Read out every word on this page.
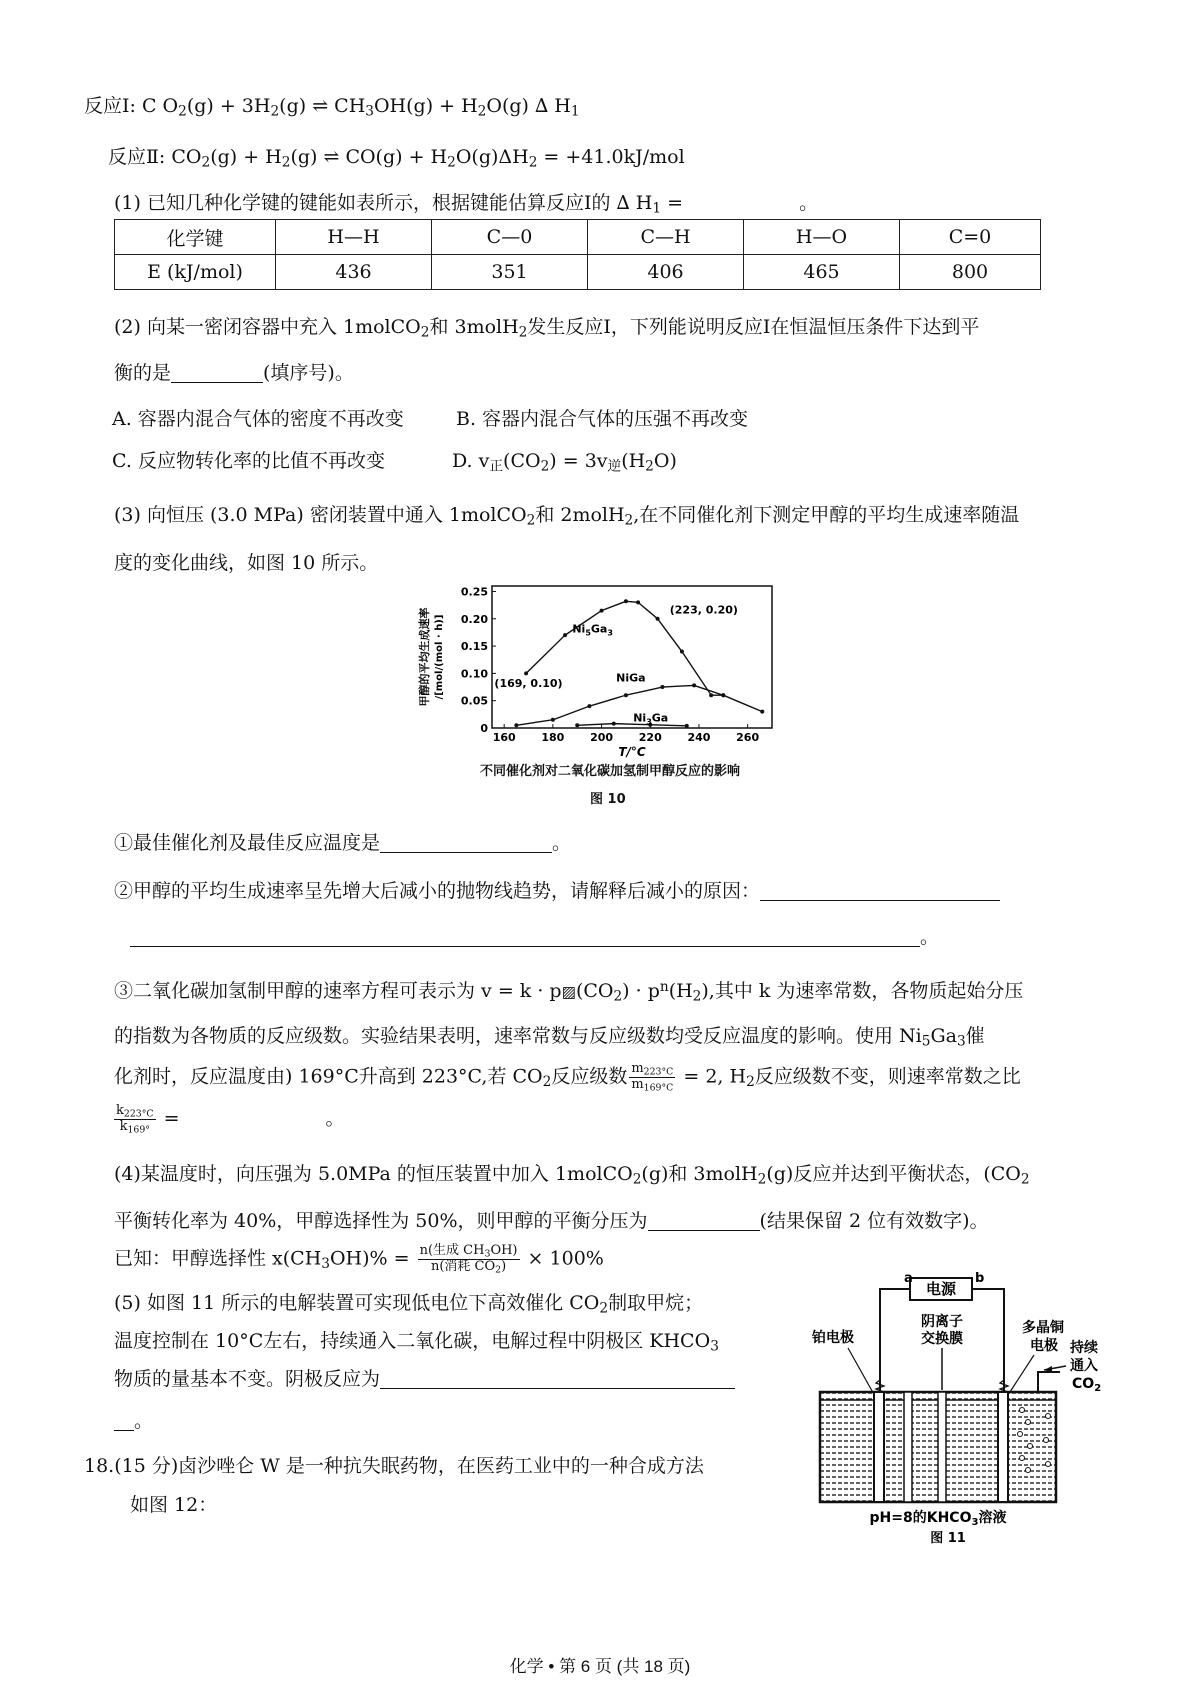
反应Ⅰ: C $O_2(g) + 3H_2(g)$ ⇌ $CH_3OH(g) + H_2O(g)$ ∆ $H_1$
反应Ⅱ: $CO_2(g) + H_2(g)$ ⇌ $CO(g) + H_2O(g)\Delta H_2 = +41.0kJ/mol$
(1) 已知几种化学键的键能如表所示，根据键能估算反应Ⅰ的 ∆ $H_1$ =	。
化学键	H—H	C—0	C—H	H—O	C=0
E (kJ/mol)	436	351	406	465	800
(2) 向某一密闭容器中充入 1molCO$_2$和 3molH$_2$发生反应Ⅰ，下列能说明反应Ⅰ在恒温恒压条件下达到平
衡的是	(填序号)。
A. 容器内混合气体的密度不再改变	B. 容器内混合气体的压强不再改变
C. 反应物转化率的比值不再改变	D. $v_正(CO_2) = 3v_逆(H_2O)$
(3) 向恒压 (3.0 MPa) 密闭装置中通入 1molCO$_2$和 2molH$_2$,在不同催化剂下测定甲醇的平均生成速率随温
度的变化曲线，如图 10 所示。
160 180 200 220 240 260
0
0.05
0.10
0.15
0.20
0.25
T/°C
甲醇的平均生成速率 /[mol/(mol · h)]	$Ni_5Ga_3$
NiGa
$Ni_3Ga$
(223, 0.20)
(169, 0.10)
不同催化剂对二氧化碳加氢制甲醇反应的影响
图 10
①最佳催化剂及最佳反应温度是	。
②甲醇的平均生成速率呈先增大后减小的抛物线趋势，请解释后减小的原因：
。
③二氧化碳加氢制甲醇的速率方程可表示为 $v = k \cdot p▨(CO_2) \cdot p^n(H_2)$,其中 k 为速率常数，各物质起始分压
的指数为各物质的反应级数。实验结果表明，速率常数与反应级数均受反应温度的影响。使用 $Ni_5Ga_3$催
化剂时，反应温度由) 169°C升高到 223°C,若 $CO_2$反应级数 $\frac{m_{223^\circ C}}{m_{169^\circ C}} = 2$, $H_2$反应级数不变，则速率常数之比
$\frac{k_{223^\circ C}}{k_{169^\circ}}$ =	。
(4)某温度时，向压强为 5.0MPa 的恒压装置中加入 1molCO$_2$(g)和 3molH$_2$(g)反应并达到平衡状态，($CO_2$
平衡转化率为 40%，甲醇选择性为 50%，则甲醇的平衡分压为	(结果保留 2 位有效数字)。
已知：甲醇选择性 $x(CH_3OH)\% = \frac{n(生成 CH_3OH)}{n(消耗 CO_2)} \times 100\%$
(5) 如图 11 所示的电解装置可实现低电位下高效催化 $CO_2$制取甲烷；
温度控制在 10°C左右，持续通入二氧化碳，电解过程中阴极区 $KHCO_3$
物质的量基本不变。阴极反应为
。
18.(15 分)卤沙唑仑 W 是一种抗失眠药物，在医药工业中的一种合成方法
如图 12：
电源
a	b
阴离子
交换膜
铂电极
多晶铜
电极 持续
通入
$CO_2$
pH=8的$KHCO_3$溶液
图 11
化学 • 第 6 页 (共 18 页)
